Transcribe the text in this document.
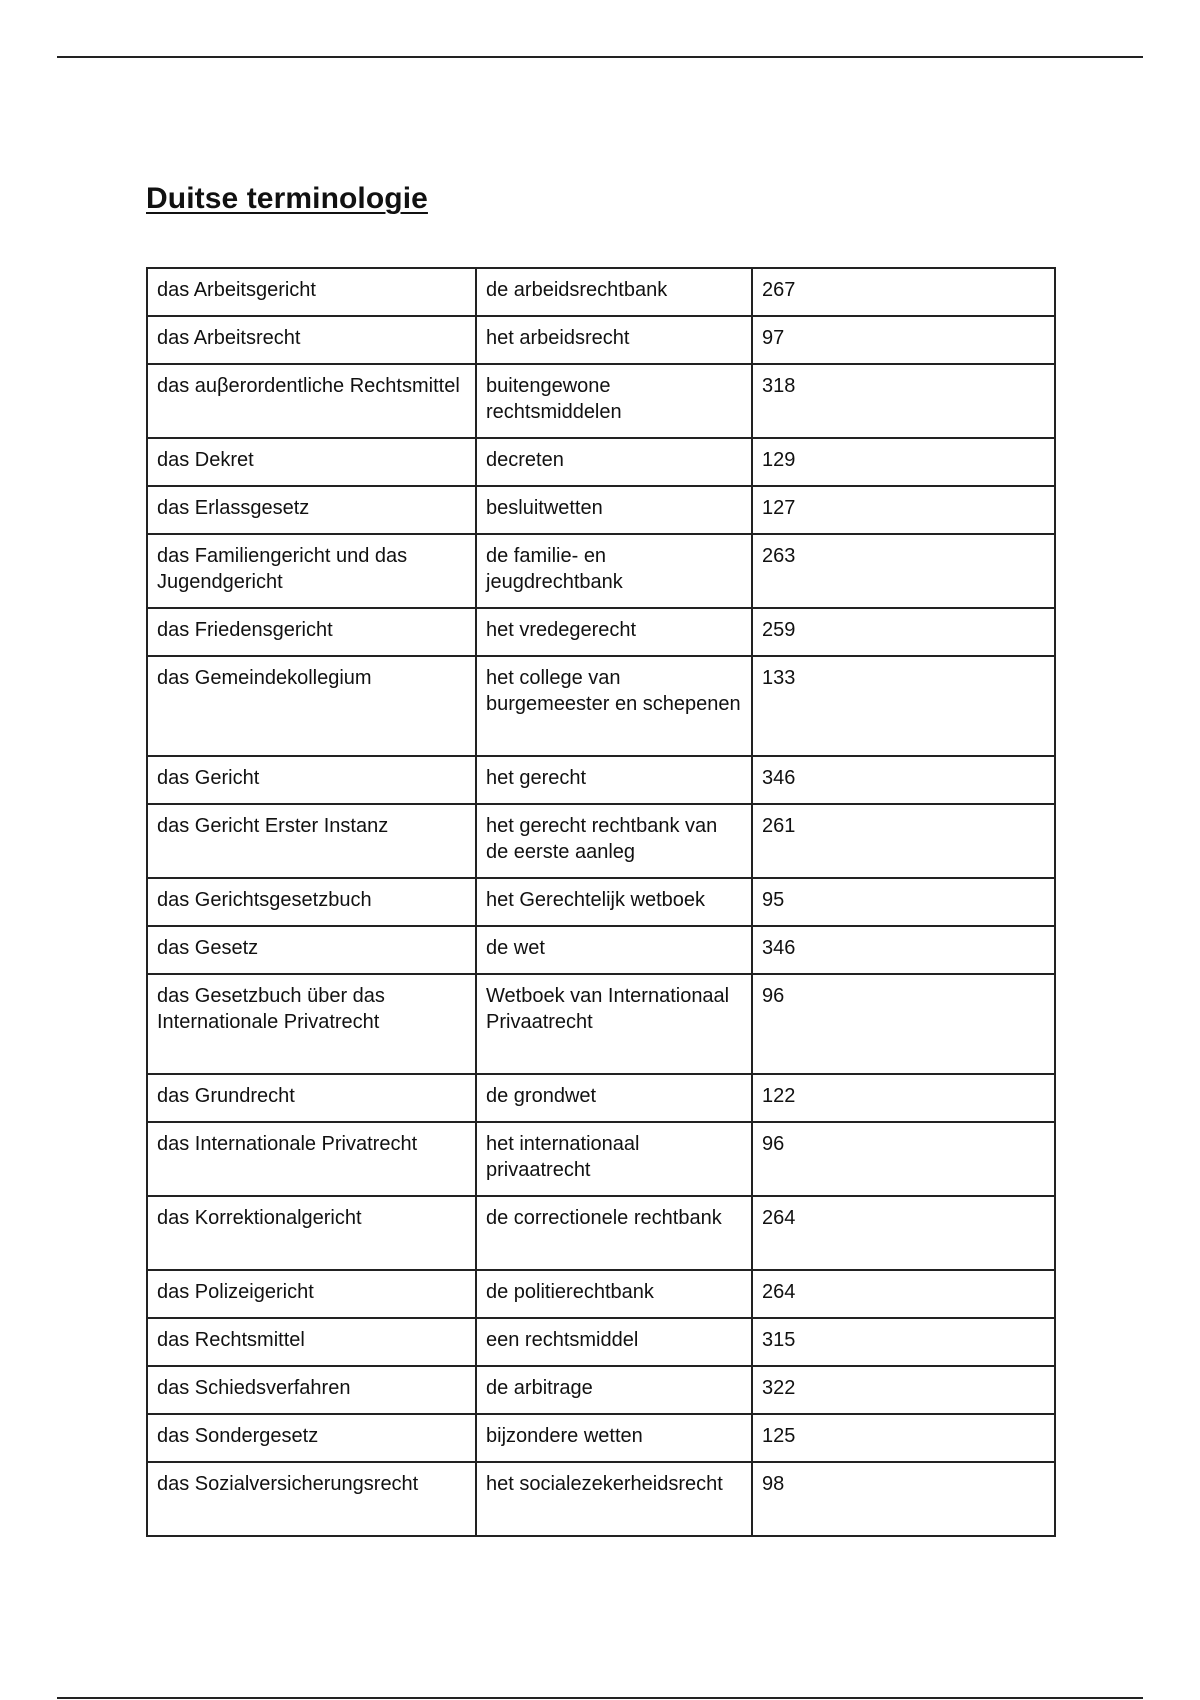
Duitse terminologie
das Arbeitsgericht	de arbeidsrechtbank	267
das Arbeitsrecht	het arbeidsrecht	97
das auβerordentliche Rechtsmittel	buitengewone rechtsmiddelen	318
das Dekret	decreten	129
das Erlassgesetz	besluitwetten	127
das Familiengericht und das Jugendgericht	de familie- en jeugdrechtbank	263
das Friedensgericht	het vredegerecht	259
das Gemeindekollegium	het college van burgemeester en schepenen	133
das Gericht	het gerecht	346
das Gericht Erster Instanz	het gerecht rechtbank van de eerste aanleg	261
das Gerichtsgesetzbuch	het Gerechtelijk wetboek	95
das Gesetz	de wet	346
das Gesetzbuch über das Internationale Privatrecht	Wetboek van Internationaal Privaatrecht	96
das Grundrecht	de grondwet	122
das Internationale Privatrecht	het internationaal privaatrecht	96
das Korrektionalgericht	de correctionele rechtbank	264
das Polizeigericht	de politierechtbank	264
das Rechtsmittel	een rechtsmiddel	315
das Schiedsverfahren	de arbitrage	322
das Sondergesetz	bijzondere wetten	125
das Sozialversicherungsrecht	het socialezekerheidsrecht	98
